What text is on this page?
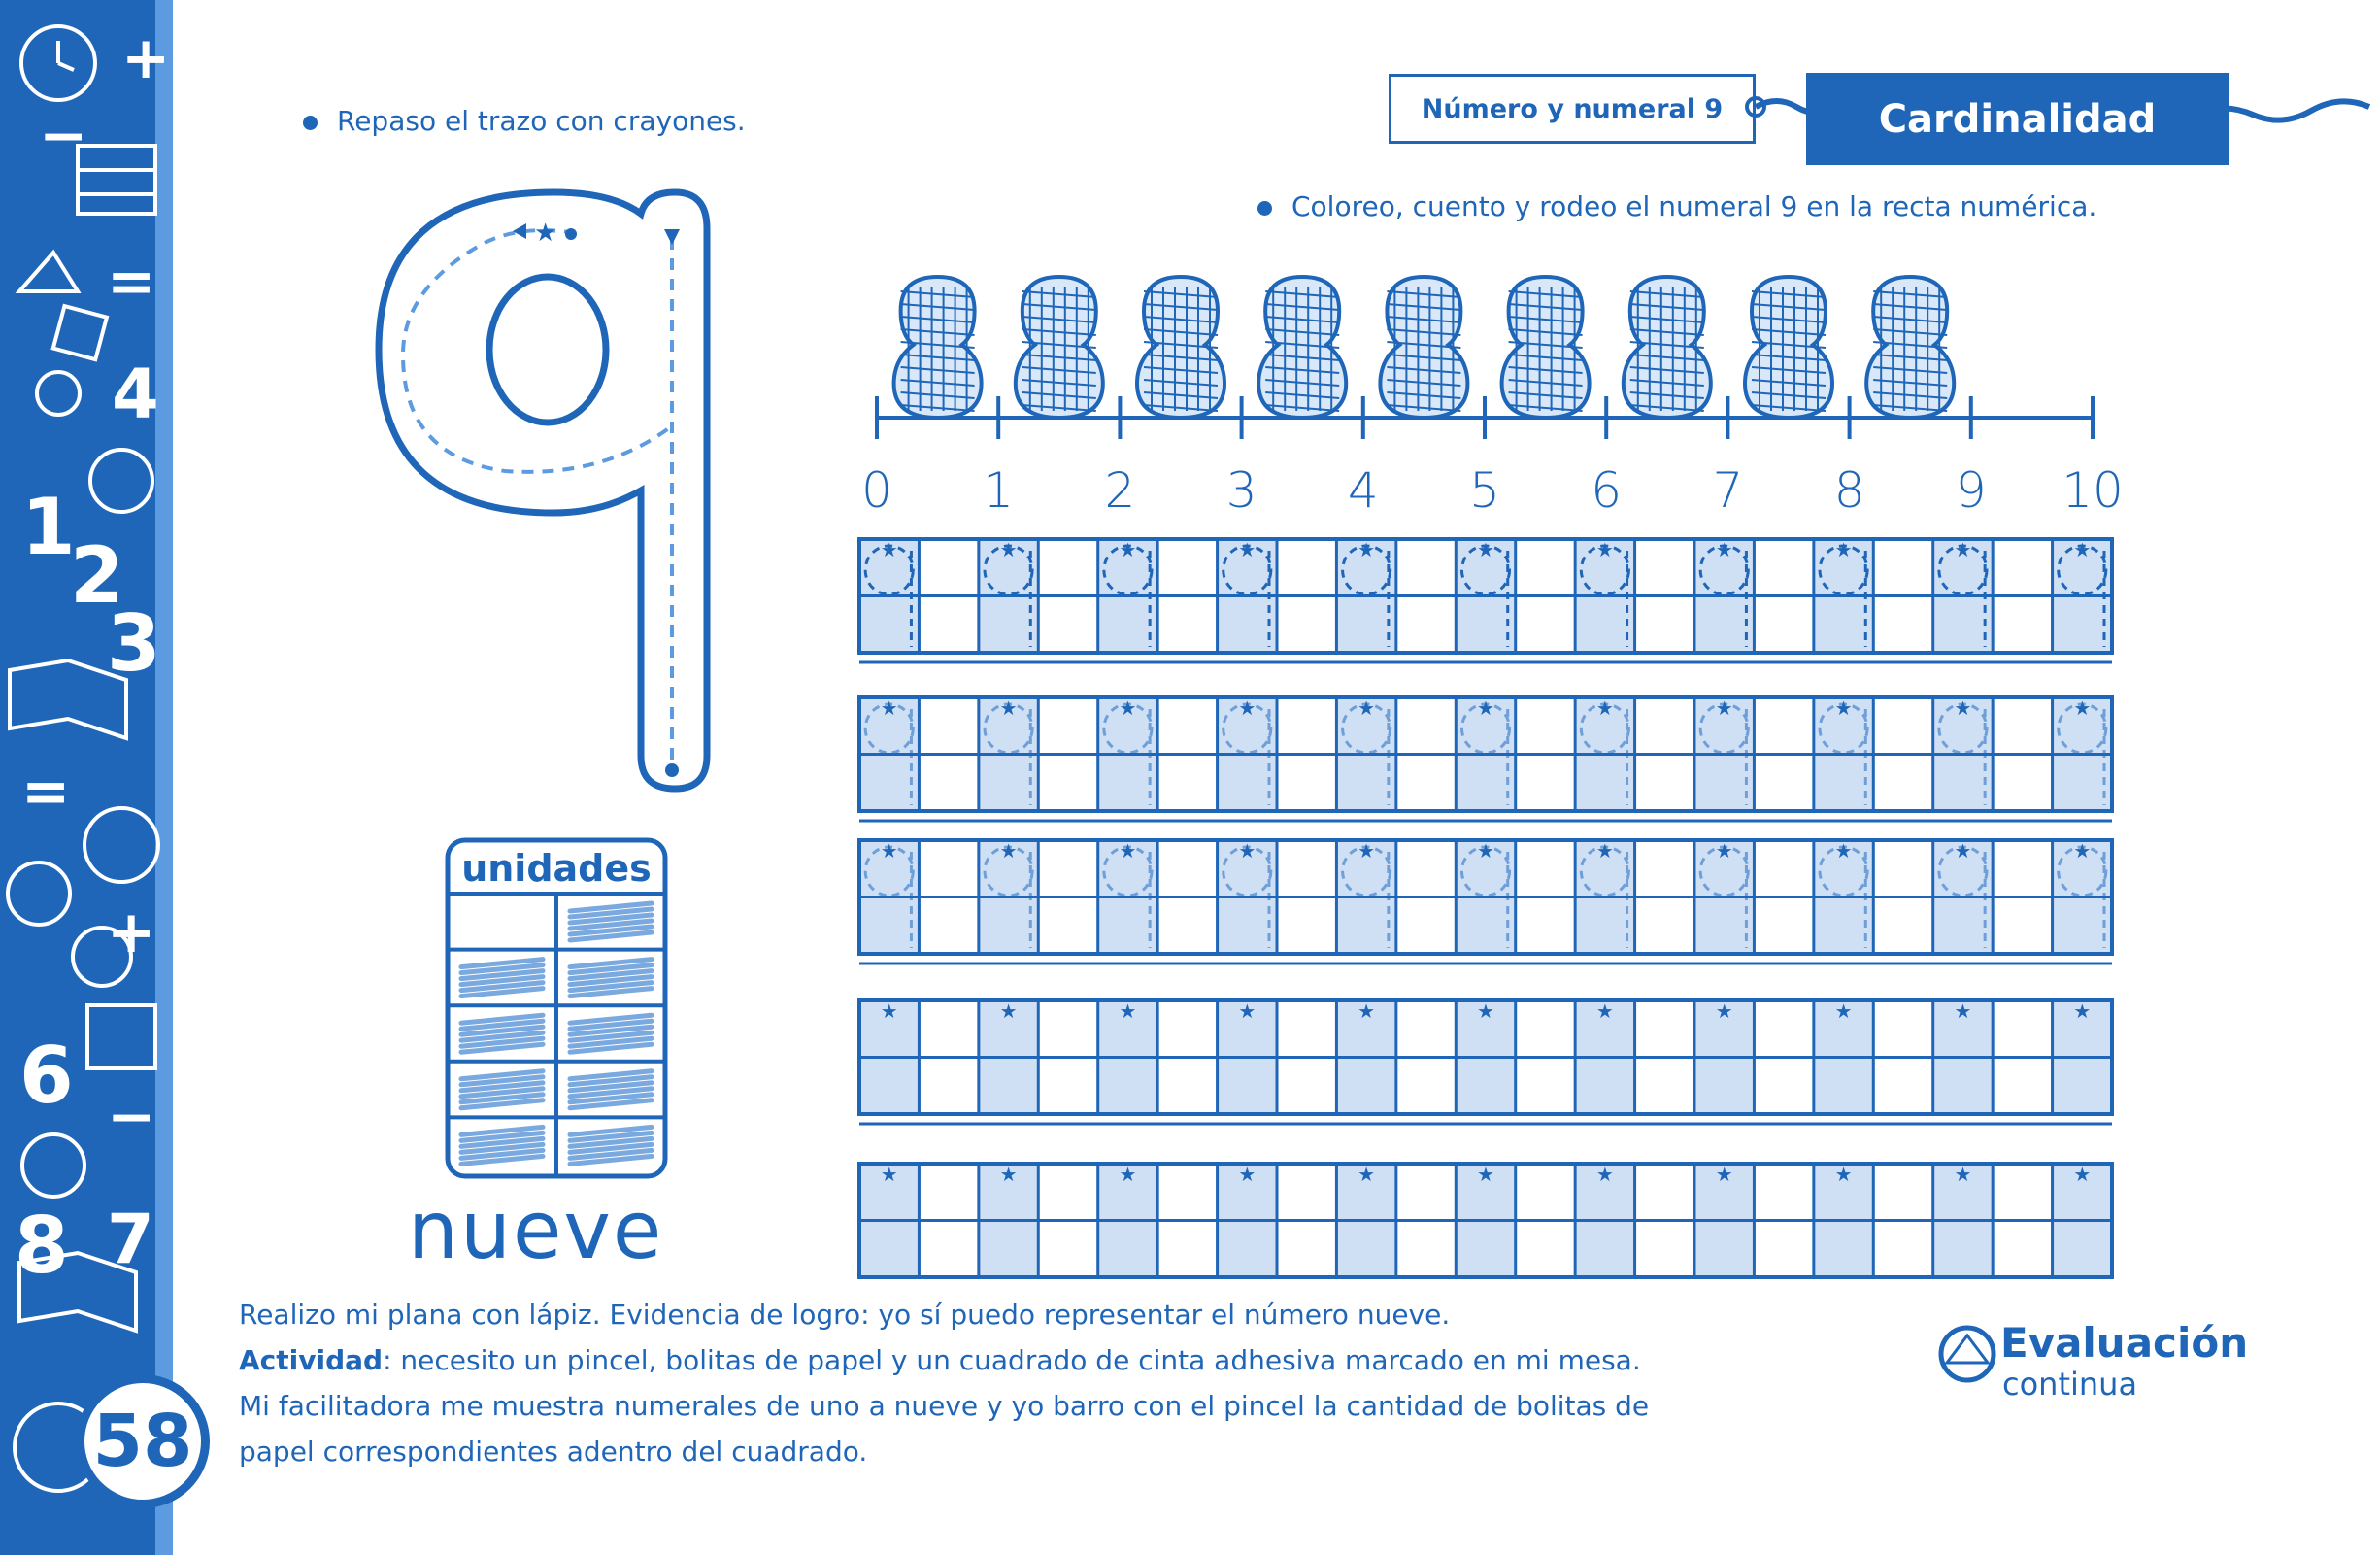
+
−
=
4
1
2
3
=
+
6 −
8 7
58
Repaso el trazo con crayones.	Número y numeral 9	Cardinalidad
Coloreo, cuento y rodeo el numeral 9 en la recta numérica.
★
unidades
nueve
0 1 2 3 4 5 6 7 8 9 10
★	★	★	★	★	★	★	★	★	★	★
★	★	★	★	★	★	★	★	★	★	★
★	★	★	★	★	★	★	★	★	★	★
★	★	★	★	★	★	★	★	★	★	★
★	★	★	★	★	★	★	★	★	★	★
Realizo mi plana con lápiz. Evidencia de logro: yo sí puedo representar el número nueve.
Actividad: necesito un pincel, bolitas de papel y un cuadrado de cinta adhesiva marcado en mi mesa.
Mi facilitadora me muestra numerales de uno a nueve y yo barro con el pincel la cantidad de bolitas de
papel correspondientes adentro del cuadrado.
Evaluación
continua
